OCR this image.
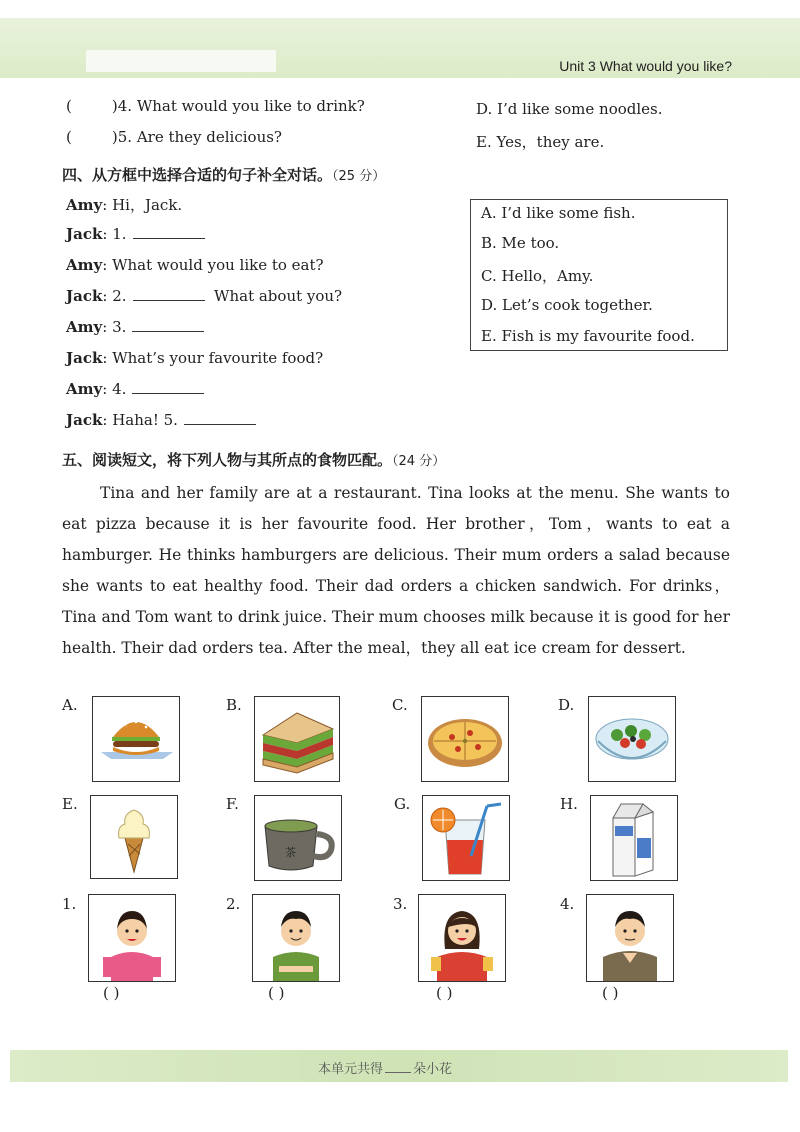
Unit 3 What would you like?
(	)4. What would you like to drink?
(	)5. Are they delicious?
D. I’d like some noodles.
E. Yes，they are.
四、从方框中选择合适的句子补全对话。（25 分）
Amy: Hi，Jack.
Jack: 1.
Amy: What would you like to eat?
Jack: 2.	What about you?
Amy: 3.
Jack: What’s your favourite food?
Amy: 4.
Jack: Haha! 5.
A. I’d like some fish.
B. Me too.
C. Hello，Amy.
D. Let’s cook together.
E. Fish is my favourite food.
五、阅读短文，将下列人物与其所点的食物匹配。（24 分）

Tina and her family are at a restaurant. Tina looks at the menu. She wants to eat pizza because it is her favourite food. Her brother，Tom，wants to eat a hamburger. He thinks hamburgers are delicious. Their mum orders a salad because she wants to eat healthy food. Their dad orders a chicken sandwich. For drinks，Tina and Tom want to drink juice. Their mum chooses milk because it is good for her health. Their dad orders tea. After the meal，they all eat ice cream for dessert.

A.	B.	C.	D.
E.	F.
茶
G.	H.
1.
( )
2.
( )
3.
( )
4.
( )
本单元共得 朵小花
